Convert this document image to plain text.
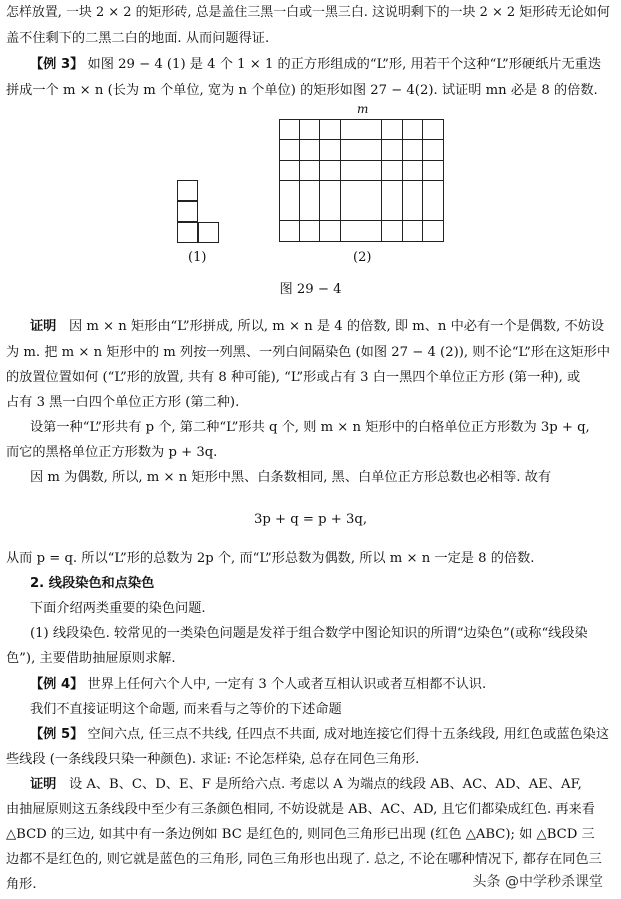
怎样放置, 一块 2 × 2 的矩形砖, 总是盖住三黑一白或一黑三白. 这说明剩下的一块 2 × 2 矩形砖无论如何
盖不住剩下的二黑二白的地面. 从而问题得证.
【例 3】 如图 29 − 4 (1) 是 4 个 1 × 1 的正方形组成的“L”形, 用若干个这种“L”形硬纸片无重迭
拼成一个 m × n (长为 m 个单位, 宽为 n 个单位) 的矩形如图 27 − 4(2). 试证明 mn 必是 8 的倍数.
(1)
m
(2)
图 29 − 4
证明 因 m × n 矩形由“L”形拼成, 所以, m × n 是 4 的倍数, 即 m、n 中必有一个是偶数, 不妨设
为 m. 把 m × n 矩形中的 m 列按一列黑、一列白间隔染色 (如图 27 − 4 (2)), 则不论“L”形在这矩形中
的放置位置如何 (“L”形的放置, 共有 8 种可能), “L”形或占有 3 白一黑四个单位正方形 (第一种), 或
占有 3 黑一白四个单位正方形 (第二种).
设第一种“L”形共有 p 个, 第二种“L”形共 q 个, 则 m × n 矩形中的白格单位正方形数为 3p + q,
而它的黑格单位正方形数为 p + 3q.
因 m 为偶数, 所以, m × n 矩形中黑、白条数相同, 黑、白单位正方形总数也必相等. 故有
3p + q = p + 3q,
从而 p = q. 所以“L”形的总数为 2p 个, 而“L”形总数为偶数, 所以 m × n 一定是 8 的倍数.
2. 线段染色和点染色
下面介绍两类重要的染色问题.
(1) 线段染色. 较常见的一类染色问题是发祥于组合数学中图论知识的所谓“边染色”(或称“线段染
色”), 主要借助抽屉原则求解.
【例 4】 世界上任何六个人中, 一定有 3 个人或者互相认识或者互相都不认识.
我们不直接证明这个命题, 而来看与之等价的下述命题
【例 5】 空间六点, 任三点不共线, 任四点不共面, 成对地连接它们得十五条线段, 用红色或蓝色染这
些线段 (一条线段只染一种颜色). 求证: 不论怎样染, 总存在同色三角形.
证明 设 A、B、C、D、E、F 是所给六点. 考虑以 A 为端点的线段 AB、AC、AD、AE、AF,
由抽屉原则这五条线段中至少有三条颜色相同, 不妨设就是 AB、AC、AD, 且它们都染成红色. 再来看
△BCD 的三边, 如其中有一条边例如 BC 是红色的, 则同色三角形已出现 (红色 △ABC); 如 △BCD 三
边都不是红色的, 则它就是蓝色的三角形, 同色三角形也出现了. 总之, 不论在哪种情况下, 都存在同色三
角形.	头条 @中学秒杀课堂
